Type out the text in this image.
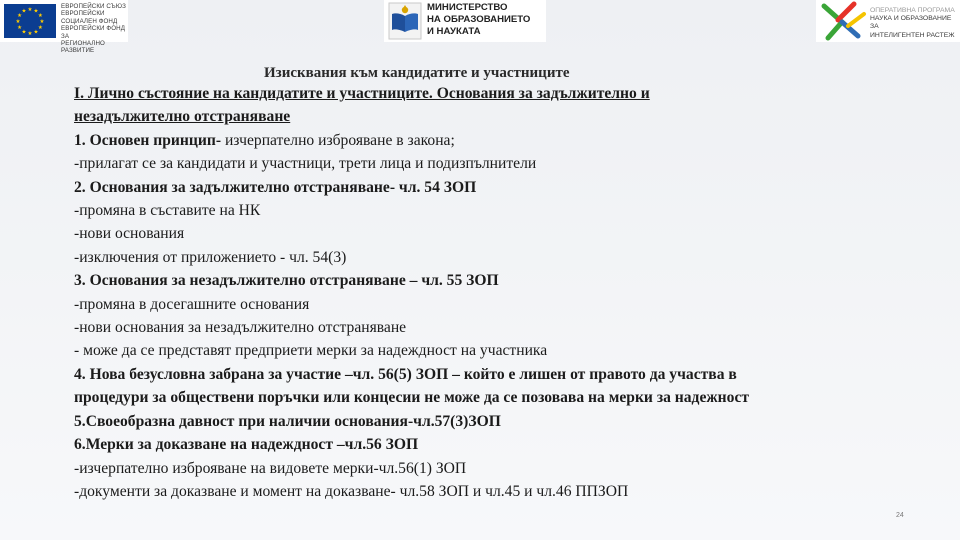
★ ★
★
★
★
★
★
★
★
★
★
★
ЕВРОПЕЙСКИ СЪЮЗ
ЕВРОПЕЙСКИ
СОЦИАЛЕН ФОНД
ЕВРОПЕЙСКИ ФОНД ЗА
РЕГИОНАЛНО РАЗВИТИЕ
МИНИСТЕРСТВО
НА ОБРАЗОВАНИЕТО
И НАУКАТА
ОПЕРАТИВНА ПРОГРАМА
НАУКА И ОБРАЗОВАНИЕ ЗА
ИНТЕЛИГЕНТЕН РАСТЕЖ
Изисквания към кандидатите и участниците
I. Лично състояние на кандидатите и участниците. Основания за задължително и
незадължително отстраняване
1. Основен принцип- изчерпателно изброяване в закона;
-прилагат се за кандидати и участници, трети лица и подизпълнители
2. Основания за задължително отстраняване- чл. 54 ЗОП
-промяна в съставите на НК
-нови основания
-изключения от приложението - чл. 54(3)
3. Основания за незадължително отстраняване – чл. 55 ЗОП
-промяна в досегашните основания
-нови основания за незадължително отстраняване
- може да се представят предприети мерки за надеждност на участника
4. Нова безусловна забрана за участие –чл. 56(5) ЗОП – който е лишен от правото да участва в
процедури за обществени поръчки или концесии не може да се позовава на мерки за надежност
5.Своеобразна давност при наличии основания-чл.57(3)ЗОП
6.Мерки за доказване на надеждност –чл.56 ЗОП
-изчерпателно изброяване на видовете мерки-чл.56(1) ЗОП
-документи за доказване и момент на доказване- чл.58 ЗОП и чл.45 и чл.46 ППЗОП
24
